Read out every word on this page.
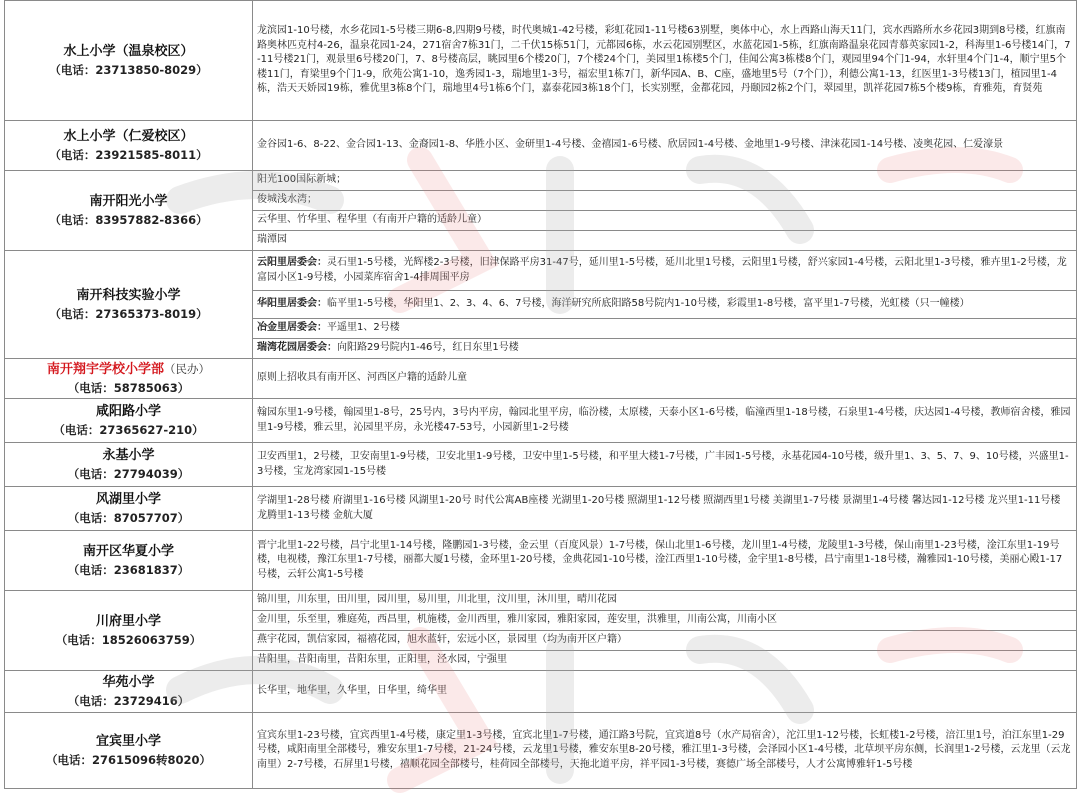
水上小学（温泉校区）
（电话：23713850-8029）	龙滨园1-10号楼，水乡花园1-5号楼三期6-8,四期9号楼，时代奥城1-42号楼，彩虹花园1-11号楼63别墅，奥体中心，水上西路山海天11门，宾水西路所水乡花园3期到8号楼，红旗南路奥林匹克村4-26，温泉花园1-24，271宿舍7栋31门，二千伏15栋51门，元都园6栋，水云花园别墅区，水蓝花园1-5栋，红旗南路温泉花园青慕英家园1-2，科海里1-6号楼14门，7-11号楼21门，观景里6号楼20门，7、8号楼高层，眺园里6个楼20门，7个楼24个门，美园里1栋楼5个门，佳闻公寓3栋楼8个门，观园里94个门1-94，水轩里4个门1-4，顺宁里5个楼11门，育梁里9个门1-9，欣苑公寓1-10，逸秀园1-3，瑞地里1-3号，福宏里1栋7门，新华园A、B、C座，盛地里5号（7个门），利德公寓1-13，红医里1-3号楼13门，植园里1-4栋，浩天天娇园19栋，雅优里3栋8个门，瑞地里4号1栋6个门，嘉泰花园3栋18个门，长实别墅，金都花园，丹颐园2栋2个门，翠园里，凯祥花园7栋5个楼9栋，育雅苑，育贤苑

水上小学（仁爱校区）
（电话：23921585-8011）	金谷园1-6、8-22、金合园1-13、金裔园1-8、华胜小区、金研里1-4号楼、金禧园1-6号楼、欣居园1-4号楼、金地里1-9号楼、津涞花园1-14号楼、凌奥花园、仁爱濠景

南开阳光小学
（电话：83957882-8366）	阳光100国际新城；
	俊城浅水湾；
	云华里、竹华里、程华里（有南开户籍的适龄儿童）
	瑞潭园

南开科技实验小学
（电话：27365373-8019）	云阳里居委会：灵石里1-5号楼，光辉楼2-3号楼，旧津保路平房31-47号，延川里1-5号楼，延川北里1号楼，云阳里1号楼，舒兴家园1-4号楼，云阳北里1-3号楼，雅卉里1-2号楼，龙富园小区1-9号楼，小园菜库宿舍1-4排周围平房
	华阳里居委会：临平里1-5号楼，华阳里1、2、3、4、6、7号楼，海洋研究所底阳路58号院内1-10号楼，彩霞里1-8号楼，富平里1-7号楼，光虹楼（只一幢楼）
	冶金里居委会：平遥里1、2号楼
	瑞湾花园居委会：向阳路29号院内1-46号，红日东里1号楼

南开翔宇学校小学部（民办）
（电话：58785063）	原则上招收具有南开区、河西区户籍的适龄儿童

咸阳路小学
（电话：27365627-210）	翰园东里1-9号楼，翰园里1-8号，25号内，3号内平房，翰园北里平房，临汾楼，太原楼，天泰小区1-6号楼，临潼西里1-18号楼，石泉里1-4号楼，庆达园1-4号楼，教师宿舍楼，雅园里1-9号楼，雅云里，沁园里平房，永光楼47-53号，小园新里1-2号楼

永基小学
（电话：27794039）	卫安西里1，2号楼，卫安南里1-9号楼，卫安北里1-9号楼，卫安中里1-5号楼，和平里大楼1-7号楼，广丰园1-5号楼，永基花园4-10号楼，级升里1、3、5、7、9、10号楼，兴盛里1-3号楼，宝龙湾家园1-15号楼

风湖里小学
（电话：87057707）	学湖里1-28号楼 府湖里1-16号楼 风湖里1-20号 时代公寓AB座楼 光湖里1-20号楼 照湖里1-12号楼 照湖西里1号楼 美湖里1-7号楼 景湖里1-4号楼 馨达园1-12号楼 龙兴里1-11号楼 龙腾里1-13号楼 金航大厦

南开区华夏小学
（电话：23681837）	晋宁北里1-22号楼，昌宁北里1-14号楼，隆鹏园1-3号楼，金云里（百度风景）1-7号楼，保山北里1-6号楼，龙川里1-4号楼，龙陵里1-3号楼，保山南里1-23号楼，淦江东里1-19号楼，电视楼，豫江东里1-7号楼，丽都大厦1号楼，金环里1-20号楼，金典花园1-10号楼，淦江西里1-10号楼，金宇里1-8号楼，昌宁南里1-18号楼，瀚雅园1-10号楼，美丽心殿1-17号楼，云轩公寓1-5号楼

川府里小学
（电话：18526063759）	锦川里，川东里，田川里，园川里，易川里，川北里，汶川里，沐川里，晴川花园
	金川里，乐至里，雅庭苑，西昌里，机施楼，金川西里，雅川家园，雅阳家园，莲安里，洪雅里，川南公寓，川南小区
	燕宇花园，凯信家园，福禧花园，旭水蓝轩，宏远小区，景园里（均为南开区户籍）
	昔阳里，昔阳南里，昔阳东里，正阳里，泾水园，宁强里

华苑小学
（电话：23729416）	长华里，地华里，久华里，日华里，绮华里

宜宾里小学
（电话：27615096转8020）	宜宾东里1-23号楼，宜宾西里1-4号楼，康定里1-3号楼，宜宾北里1-7号楼，通江路3号院，宜宾道8号（水产局宿舍），沱江里1-12号楼，长虹楼1-2号楼，涪江里1号，泊江东里1-29号楼，咸阳南里全部楼号，雅安东里1-7号楼，21-24号楼，云龙里1号楼，雅安东里8-20号楼，雅江里1-3号楼，会泽园小区1-4号楼，北草坝平房东侧，长润里1-2号楼，云龙里（云龙南里）2-7号楼，石屏里1号楼，禧顺花园全部楼号，桂荷园全部楼号，天拖北道平房，祥平园1-3号楼，赛德广场全部楼号，人才公寓博雅轩1-5号楼
